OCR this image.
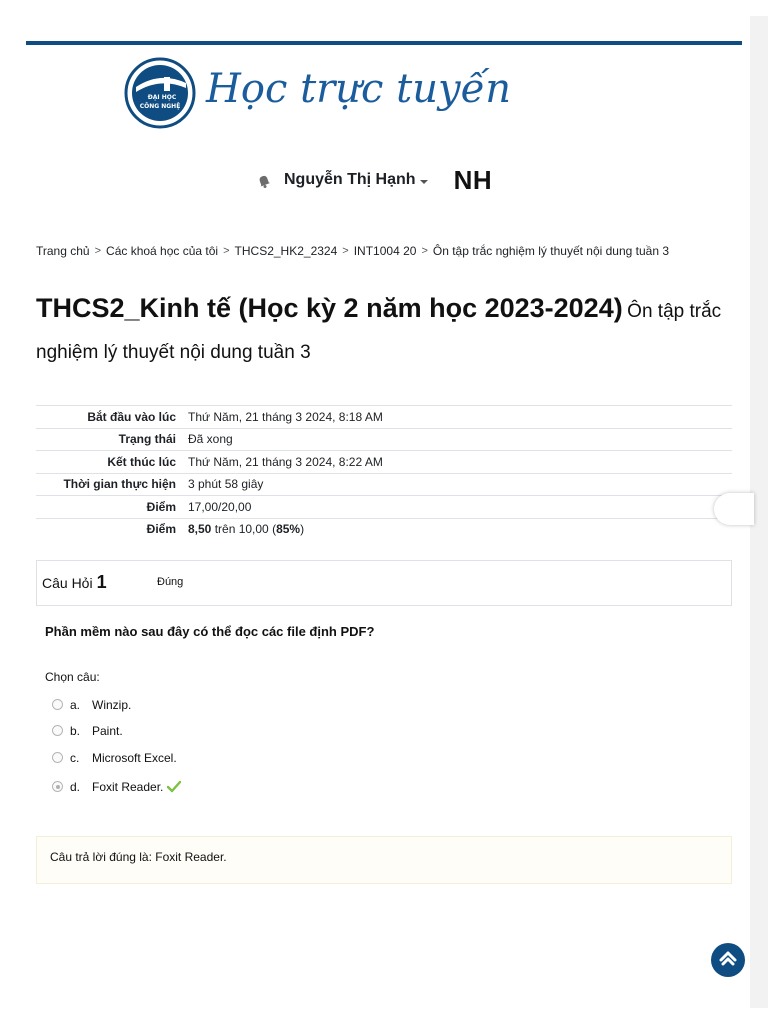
ĐẠI HỌC
CÔNG NGHỆ Học trực tuyến
Nguyễn Thị Hạnh NH
Trang chủ > Các khoá học của tôi > THCS2_HK2_2324 > INT1004 20 > Ôn tập trắc nghiệm lý thuyết nội dung tuần 3
THCS2_Kinh tế (Học kỳ 2 năm học 2023-2024) Ôn tập trắc nghiệm lý thuyết nội dung tuần 3
Bắt đầu vào lúc	Thứ Năm, 21 tháng 3 2024, 8:18 AM
Trạng thái	Đã xong
Kết thúc lúc	Thứ Năm, 21 tháng 3 2024, 8:22 AM
Thời gian thực hiện	3 phút 58 giây
Điểm	17,00/20,00
Điểm	8,50 trên 10,00 (85%)
Câu Hỏi 1	Đúng
Phần mềm nào sau đây có thể đọc các file định PDF?
Chọn câu:
a. Winzip.
b. Paint.
c.	Microsoft Excel.
d. Foxit Reader.
Câu trả lời đúng là: Foxit Reader.
